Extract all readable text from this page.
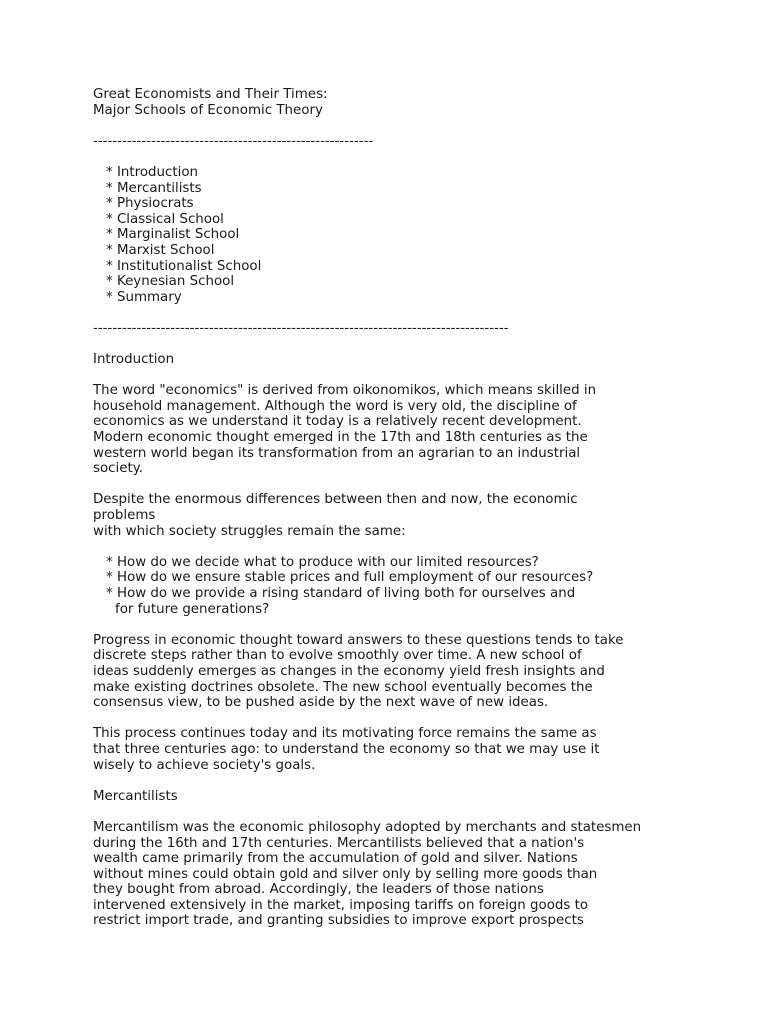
Great Economists and Their Times:
Major Schools of Economic Theory
----------------------------------------------------------
* Introduction
* Mercantilists
* Physiocrats
* Classical School
* Marginalist School
* Marxist School
* Institutionalist School
* Keynesian School
* Summary
--------------------------------------------------------------------------------------
Introduction
The word "economics" is derived from oikonomikos, which means skilled in
household management. Although the word is very old, the discipline of
economics as we understand it today is a relatively recent development.
Modern economic thought emerged in the 17th and 18th centuries as the
western world began its transformation from an agrarian to an industrial
society.
Despite the enormous differences between then and now, the economic
problems
with which society struggles remain the same:
* How do we decide what to produce with our limited resources?
* How do we ensure stable prices and full employment of our resources?
* How do we provide a rising standard of living both for ourselves and
for future generations?
Progress in economic thought toward answers to these questions tends to take
discrete steps rather than to evolve smoothly over time. A new school of
ideas suddenly emerges as changes in the economy yield fresh insights and
make existing doctrines obsolete. The new school eventually becomes the
consensus view, to be pushed aside by the next wave of new ideas.
This process continues today and its motivating force remains the same as
that three centuries ago: to understand the economy so that we may use it
wisely to achieve society's goals.
Mercantilists
Mercantilism was the economic philosophy adopted by merchants and statesmen
during the 16th and 17th centuries. Mercantilists believed that a nation's
wealth came primarily from the accumulation of gold and silver. Nations
without mines could obtain gold and silver only by selling more goods than
they bought from abroad. Accordingly, the leaders of those nations
intervened extensively in the market, imposing tariffs on foreign goods to
restrict import trade, and granting subsidies to improve export prospects
